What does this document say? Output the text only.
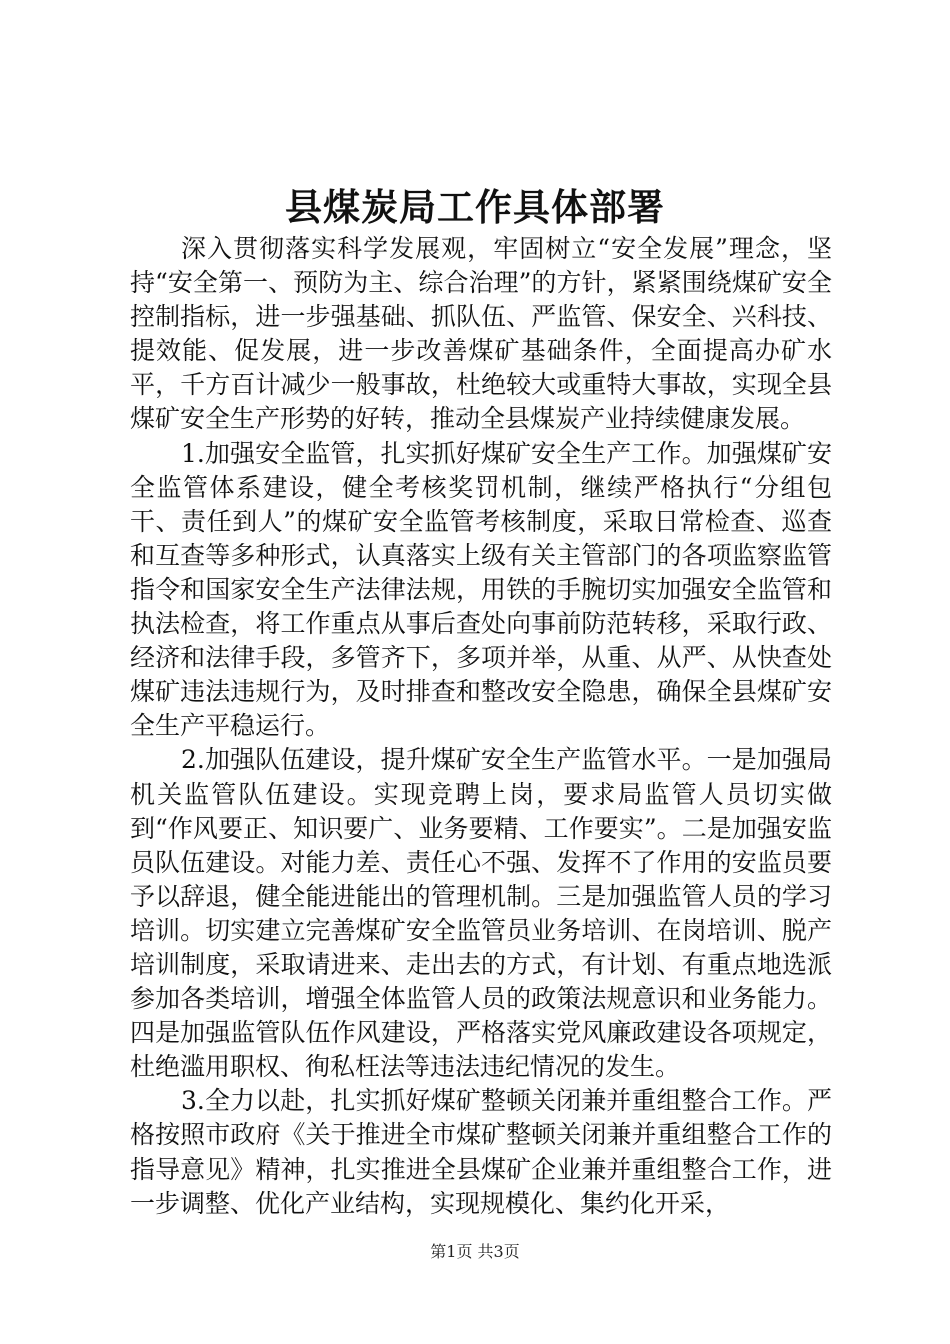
县煤炭局工作具体部署

深入贯彻落实科学发展观，牢固树立“安全发展”理念，坚持“安全第一、预防为主、综合治理”的方针，紧紧围绕煤矿安全控制指标，进一步强基础、抓队伍、严监管、保安全、兴科技、提效能、促发展，进一步改善煤矿基础条件，全面提高办矿水平，千方百计减少一般事故，杜绝较大或重特大事故，实现全县煤矿安全生产形势的好转，推动全县煤炭产业持续健康发展。

1.加强安全监管，扎实抓好煤矿安全生产工作。加强煤矿安全监管体系建设，健全考核奖罚机制，继续严格执行“分组包干、责任到人”的煤矿安全监管考核制度，采取日常检查、巡查和互查等多种形式，认真落实上级有关主管部门的各项监察监管指令和国家安全生产法律法规，用铁的手腕切实加强安全监管和执法检查，将工作重点从事后查处向事前防范转移，采取行政、经济和法律手段，多管齐下，多项并举，从重、从严、从快查处煤矿违法违规行为，及时排查和整改安全隐患，确保全县煤矿安全生产平稳运行。

2.加强队伍建设，提升煤矿安全生产监管水平。一是加强局机关监管队伍建设。实现竞聘上岗，要求局监管人员切实做到“作风要正、知识要广、业务要精、工作要实”。二是加强安监员队伍建设。对能力差、责任心不强、发挥不了作用的安监员要予以辞退，健全能进能出的管理机制。三是加强监管人员的学习培训。切实建立完善煤矿安全监管员业务培训、在岗培训、脱产培训制度，采取请进来、走出去的方式，有计划、有重点地选派参加各类培训，增强全体监管人员的政策法规意识和业务能力。四是加强监管队伍作风建设，严格落实党风廉政建设各项规定，杜绝滥用职权、徇私枉法等违法违纪情况的发生。

3.全力以赴，扎实抓好煤矿整顿关闭兼并重组整合工作。严格按照市政府《关于推进全市煤矿整顿关闭兼并重组整合工作的指导意见》精神，扎实推进全县煤矿企业兼并重组整合工作，进一步调整、优化产业结构，实现规模化、集约化开采，

第1页 共3页
